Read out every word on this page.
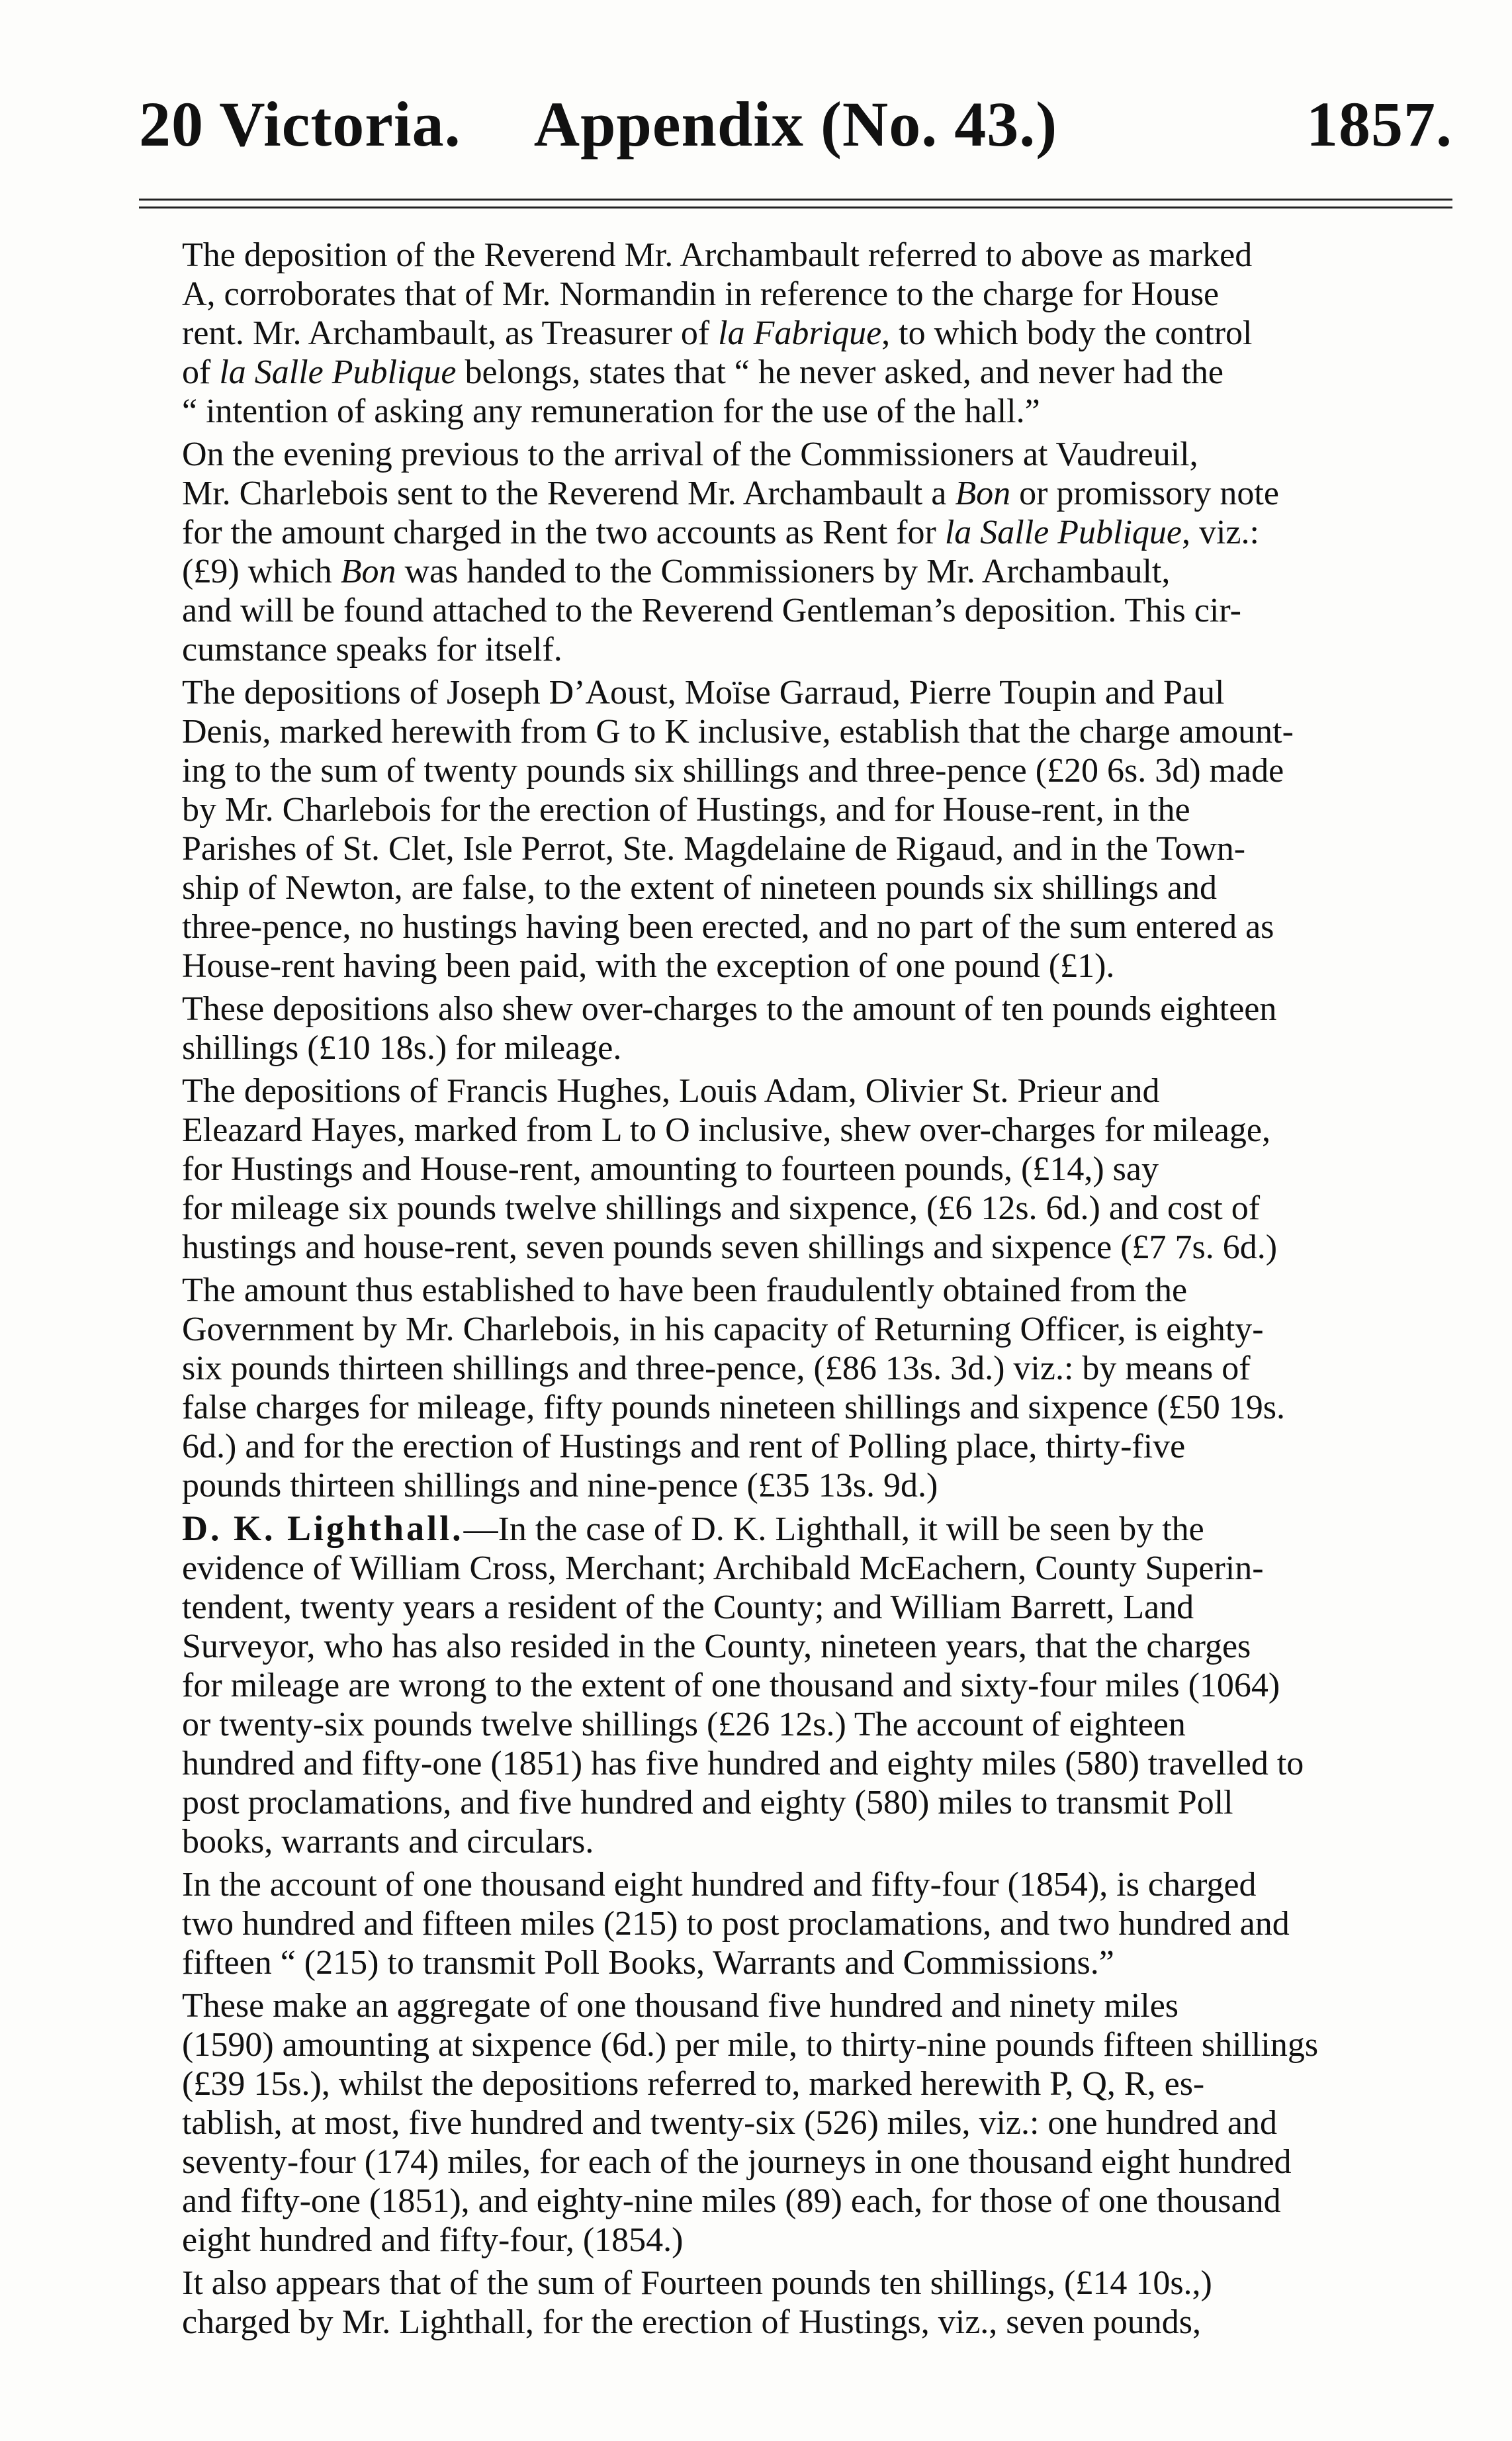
20 Victoria.	Appendix (No. 43.)	1857.
The deposition of the Reverend Mr. Archambault referred to above as marked
A, corroborates that of Mr. Normandin in reference to the charge for House
rent. Mr. Archambault, as Treasurer of la Fabrique, to which body the control
of la Salle Publique belongs, states that “ he never asked, and never had the
“ intention of asking any remuneration for the use of the hall.”
On the evening previous to the arrival of the Commissioners at Vaudreuil,
Mr. Charlebois sent to the Reverend Mr. Archambault a Bon or promissory note
for the amount charged in the two accounts as Rent for la Salle Publique, viz.:
(£9) which Bon was handed to the Commissioners by Mr. Archambault,
and will be found attached to the Reverend Gentleman’s deposition. This cir-
cumstance speaks for itself.
The depositions of Joseph D’Aoust, Moïse Garraud, Pierre Toupin and Paul
Denis, marked herewith from G to K inclusive, establish that the charge amount-
ing to the sum of twenty pounds six shillings and three-pence (£20 6s. 3d) made
by Mr. Charlebois for the erection of Hustings, and for House-rent, in the
Parishes of St. Clet, Isle Perrot, Ste. Magdelaine de Rigaud, and in the Town-
ship of Newton, are false, to the extent of nineteen pounds six shillings and
three-pence, no hustings having been erected, and no part of the sum entered as
House-rent having been paid, with the exception of one pound (£1).
These depositions also shew over-charges to the amount of ten pounds eighteen
shillings (£10 18s.) for mileage.
The depositions of Francis Hughes, Louis Adam, Olivier St. Prieur and
Eleazard Hayes, marked from L to O inclusive, shew over-charges for mileage,
for Hustings and House-rent, amounting to fourteen pounds, (£14,) say
for mileage six pounds twelve shillings and sixpence, (£6 12s. 6d.) and cost of
hustings and house-rent, seven pounds seven shillings and sixpence (£7 7s. 6d.)
The amount thus established to have been fraudulently obtained from the
Government by Mr. Charlebois, in his capacity of Returning Officer, is eighty-
six pounds thirteen shillings and three-pence, (£86 13s. 3d.) viz.: by means of
false charges for mileage, fifty pounds nineteen shillings and sixpence (£50 19s.
6d.) and for the erection of Hustings and rent of Polling place, thirty-five
pounds thirteen shillings and nine-pence (£35 13s. 9d.)
D. K. Lighthall.—In the case of D. K. Lighthall, it will be seen by the
evidence of William Cross, Merchant; Archibald McEachern, County Superin-
tendent, twenty years a resident of the County; and William Barrett, Land
Surveyor, who has also resided in the County, nineteen years, that the charges
for mileage are wrong to the extent of one thousand and sixty-four miles (1064)
or twenty-six pounds twelve shillings (£26 12s.) The account of eighteen
hundred and fifty-one (1851) has five hundred and eighty miles (580) travelled to
post proclamations, and five hundred and eighty (580) miles to transmit Poll
books, warrants and circulars.
In the account of one thousand eight hundred and fifty-four (1854), is charged
two hundred and fifteen miles (215) to post proclamations, and two hundred and
fifteen “ (215) to transmit Poll Books, Warrants and Commissions.”
These make an aggregate of one thousand five hundred and ninety miles
(1590) amounting at sixpence (6d.) per mile, to thirty-nine pounds fifteen shillings
(£39 15s.), whilst the depositions referred to, marked herewith P, Q, R, es-
tablish, at most, five hundred and twenty-six (526) miles, viz.: one hundred and
seventy-four (174) miles, for each of the journeys in one thousand eight hundred
and fifty-one (1851), and eighty-nine miles (89) each, for those of one thousand
eight hundred and fifty-four, (1854.)
It also appears that of the sum of Fourteen pounds ten shillings, (£14 10s.,)
charged by Mr. Lighthall, for the erection of Hustings, viz., seven pounds,
